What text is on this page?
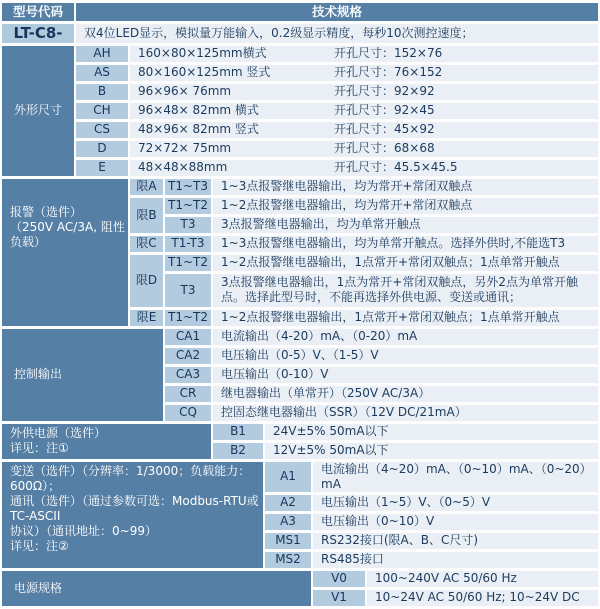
型号代码	技术规格						
LT-C8-	双4位LED显示，模拟量万能输入，0.2级显示精度，每秒10次测控速度；						
外形尺寸	AH	160×80×125mm横式 开孔尺寸：152×76					
	AS	80×160×125mm 竖式 开孔尺寸：76×152					
	B	96×96× 76mm 开孔尺寸：92×92					
	CH	96×48× 82mm 横式 开孔尺寸：92×45					
	CS	48×96× 82mm 竖式 开孔尺寸：45×92					
	D	72×72× 75mm 开孔尺寸：68×68					
	E	48×48×88mm 开孔尺寸：45.5×45.5					

报警（选件）
（250V AC/3A, 阻性负载）		限A	T1~T3	1~3点报警继电器输出，均为常开+常闭双触点			
		限B	T1~T2	1~2点报警继电器输出，均为常开+常闭双触点			
			T3	3点报警继电器输出，均为单常开触点			
		限C	T1-T3	1~3点报警继电器输出，均为单常开触点。选择外供时,不能选T3			
		限D	T1~T2	1~2点报警继电器输出，1点常开+常闭双触点；1点单常开触点			
			T3	3点报警继电器输出，1点为常开+常闭双触点，另外2点为单常开触点。选择此型号时，不能再选择外供电源、变送或通讯；			
		限E	T1~T2	1~2点报警继电器输出，1点常开+常闭双触点；1点单常开触点			
控制输出			CA1	电流输出（4-20）mA、（0-20）mA			
			CA2	电压输出（0-5）V、（1-5）V			
			CA3	电压输出（0-10）V			
			CR	继电器输出（单常开）（250V AC/3A）			
			CQ	控固态继电器输出（SSR）（12V DC/21mA）			

外供电源（选件）
详见：注①				B1	24V±5% 50mA以下		
				B2	12V±5% 50mA以下		

变送（选件）（分辨率：1/3000；负载能力：600Ω）；
通讯（选件）（通过参数可选：Modbus-RTU或TC-ASCII
协议）（通讯地址：0~99）
详见：注②					A1	电流输出（4~20）mA、（0~10）mA、（0~20）mA	
					A2	电压输出（1~5）V、（0~5）V	
					A3	电压输出（0~10）V	
					MS1	RS232接口(限A、B、C尺寸)	
					MS2	RS485接口	
电源规格						V0	100~240V AC 50/60 Hz
						V1	10~24V AC 50/60 Hz; 10~24V DC
